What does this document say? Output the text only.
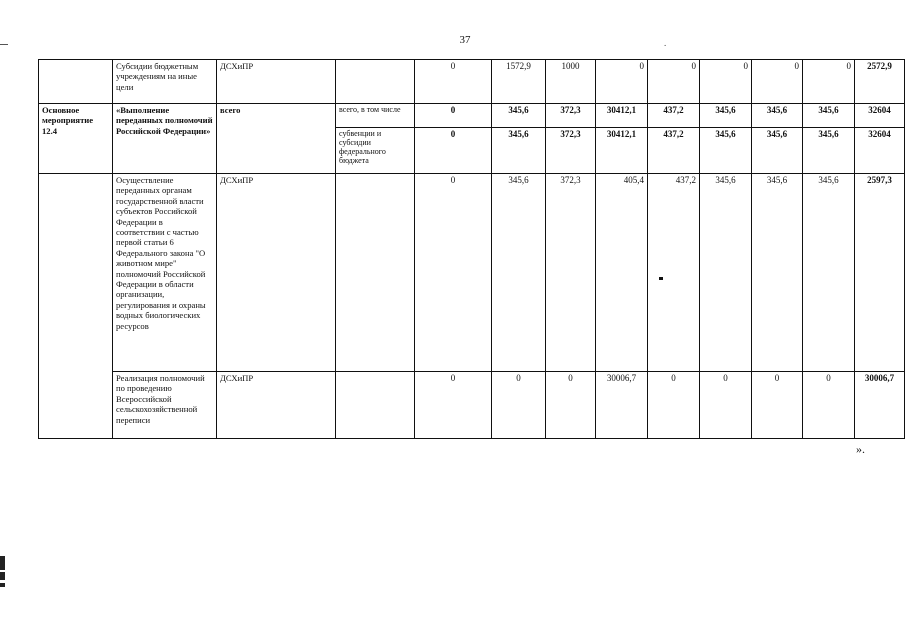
37	.
	Субсидии бюджетным учреждениям на иные цели	ДСХиПР		0	1572,9	1000	0	0	0	0	0	2572,9
Основное мероприятие 12.4	«Выполнение переданных полномочий Российской Федерации»	всего	всего, в том числе	0	345,6	372,3	30412,1	437,2	345,6	345,6	345,6	32604
			субвенции и субсидии федерального бюджета	0	345,6	372,3	30412,1	437,2	345,6	345,6	345,6	32604
	Осуществление переданных органам государственной власти субъектов Российской Федерации в соответствии с частью первой статьи 6 Федерального закона "О животном мире" полномочий Российской Федерации в области организации, регулирования и охраны водных биологических ресурсов	ДСХиПР		0	345,6	372,3	405,4	437,2	345,6	345,6	345,6	2597,3
	Реализация полномочий по проведению Всероссийской сельскохозяйственной переписи	ДСХиПР		0	0	0	30006,7	0	0	0	0	30006,7
».
